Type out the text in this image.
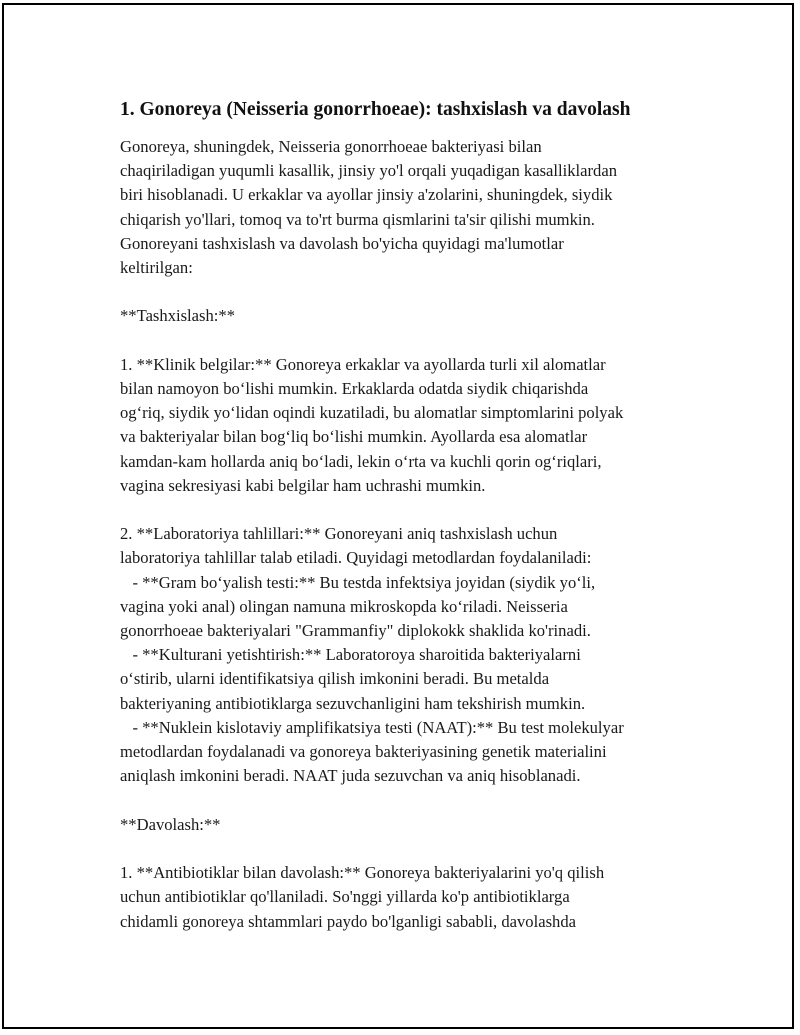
1. Gonoreya (Neisseria gonorrhoeae): tashxislash va davolash

Gonoreya, shuningdek, Neisseria gonorrhoeae bakteriyasi bilan
chaqiriladigan yuqumli kasallik, jinsiy yo'l orqali yuqadigan kasalliklardan
biri hisoblanadi. U erkaklar va ayollar jinsiy a'zolarini, shuningdek, siydik
chiqarish yo'llari, tomoq va to'rt burma qismlarini ta'sir qilishi mumkin.
Gonoreyani tashxislash va davolash bo'yicha quyidagi ma'lumotlar
keltirilgan:

**Tashxislash:**

1. **Klinik belgilar:** Gonoreya erkaklar va ayollarda turli xil alomatlar
bilan namoyon bo‘lishi mumkin. Erkaklarda odatda siydik chiqarishda
og‘riq, siydik yo‘lidan oqindi kuzatiladi, bu alomatlar simptomlarini polyak
va bakteriyalar bilan bog‘liq bo‘lishi mumkin. Ayollarda esa alomatlar
kamdan-kam hollarda aniq bo‘ladi, lekin o‘rta va kuchli qorin og‘riqlari,
vagina sekresiyasi kabi belgilar ham uchrashi mumkin.

2. **Laboratoriya tahlillari:** Gonoreyani aniq tashxislash uchun
laboratoriya tahlillar talab etiladi. Quyidagi metodlardan foydalaniladi:
- **Gram bo‘yalish testi:** Bu testda infektsiya joyidan (siydik yo‘li,
vagina yoki anal) olingan namuna mikroskopda ko‘riladi. Neisseria
gonorrhoeae bakteriyalari "Grammanfiy" diplokokk shaklida ko'rinadi.
- **Kulturani yetishtirish:** Laboratoroya sharoitida bakteriyalarni
o‘stirib, ularni identifikatsiya qilish imkonini beradi. Bu metalda
bakteriyaning antibiotiklarga sezuvchanligini ham tekshirish mumkin.
- **Nuklein kislotaviy amplifikatsiya testi (NAAT):** Bu test molekulyar
metodlardan foydalanadi va gonoreya bakteriyasining genetik materialini
aniqlash imkonini beradi. NAAT juda sezuvchan va aniq hisoblanadi.

**Davolash:**

1. **Antibiotiklar bilan davolash:** Gonoreya bakteriyalarini yo'q qilish
uchun antibiotiklar qo'llaniladi. So'nggi yillarda ko'p antibiotiklarga
chidamli gonoreya shtammlari paydo bo'lganligi sababli, davolashda
